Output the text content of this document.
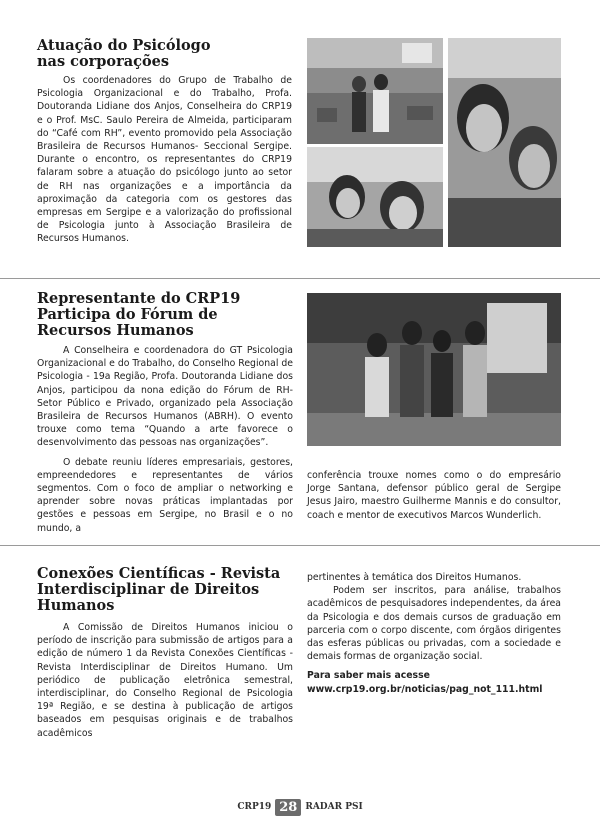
Atuação do Psicólogo
nas corporações

Os coordenadores do Grupo de Trabalho de Psicologia Organizacional e do Trabalho, Profa. Doutoranda Lidiane dos Anjos, Conselheira do CRP19 e o Prof. MsC. Saulo Pereira de Almeida, participaram do “Café com RH”, evento promovido pela Associação Brasileira de Recursos Humanos- Seccional Sergipe. Durante o encontro, os representantes do CRP19 falaram sobre a atuação do psicólogo junto ao setor de RH nas organizações e a importância da aproximação da categoria com os gestores das empresas em Sergipe e a valorização do profissional de Psicologia junto à Associação Brasileira de Recursos Humanos.

Representante do CRP19
Participa do Fórum de
Recursos Humanos

A Conselheira e coordenadora do GT Psicologia Organizacional e do Trabalho, do Conselho Regional de Psicologia - 19a Região, Profa. Doutoranda Lidiane dos Anjos, participou da nona edição do Fórum de RH- Setor Público e Privado, organizado pela Associação Brasileira de Recursos Humanos (ABRH). O evento trouxe como tema “Quando a arte favorece o desenvolvimento das pessoas nas organizações”.

O debate reuniu líderes empresariais, gestores, empreendedores e representantes de vários segmentos. Com o foco de ampliar o networking e aprender sobre novas práticas implantadas por gestões e pessoas em Sergipe, no Brasil e o no mundo, a

conferência trouxe nomes como o do empresário Jorge Santana, defensor público geral de Sergipe Jesus Jairo, maestro Guilherme Mannis e do consultor, coach e mentor de executivos Marcos Wunderlich.

Conexões Científicas - Revista
Interdisciplinar de Direitos
Humanos

A Comissão de Direitos Humanos iniciou o período de inscrição para submissão de artigos para a edição de número 1 da Revista Conexões Científicas - Revista Interdisciplinar de Direitos Humano. Um periódico de publicação eletrônica semestral, interdisciplinar, do Conselho Regional de Psicologia 19ª Região, e se destina à publicação de artigos baseados em pesquisas originais e de trabalhos acadêmicos

pertinentes à temática dos Direitos Humanos.

Podem ser inscritos, para análise, trabalhos acadêmicos de pesquisadores independentes, da área da Psicologia e dos demais cursos de graduação em parceria com o corpo discente, com órgãos dirigentes das esferas públicas ou privadas, com a sociedade e demais formas de organização social.

Para saber mais acesse

www.crp19.org.br/noticias/pag_not_111.html

CRP19 28 RADAR PSI
